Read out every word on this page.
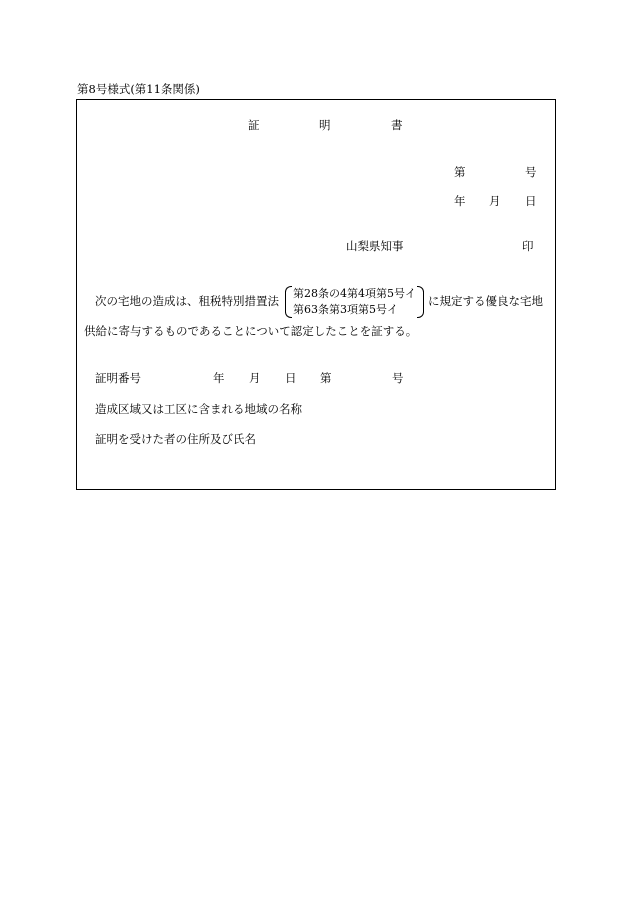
第8号様式(第11条関係)
証	明	書
第	号
年 月 日
山梨県知事	印
次の宅地の造成は、租税特別措置法
第28条の4第4項第5号イ
第63条第3項第5号イ
に規定する優良な宅地
供給に寄与するものであることについて認定したことを証する。
証明番号	年 月 日 第	号
造成区域又は工区に含まれる地域の名称
証明を受けた者の住所及び氏名
